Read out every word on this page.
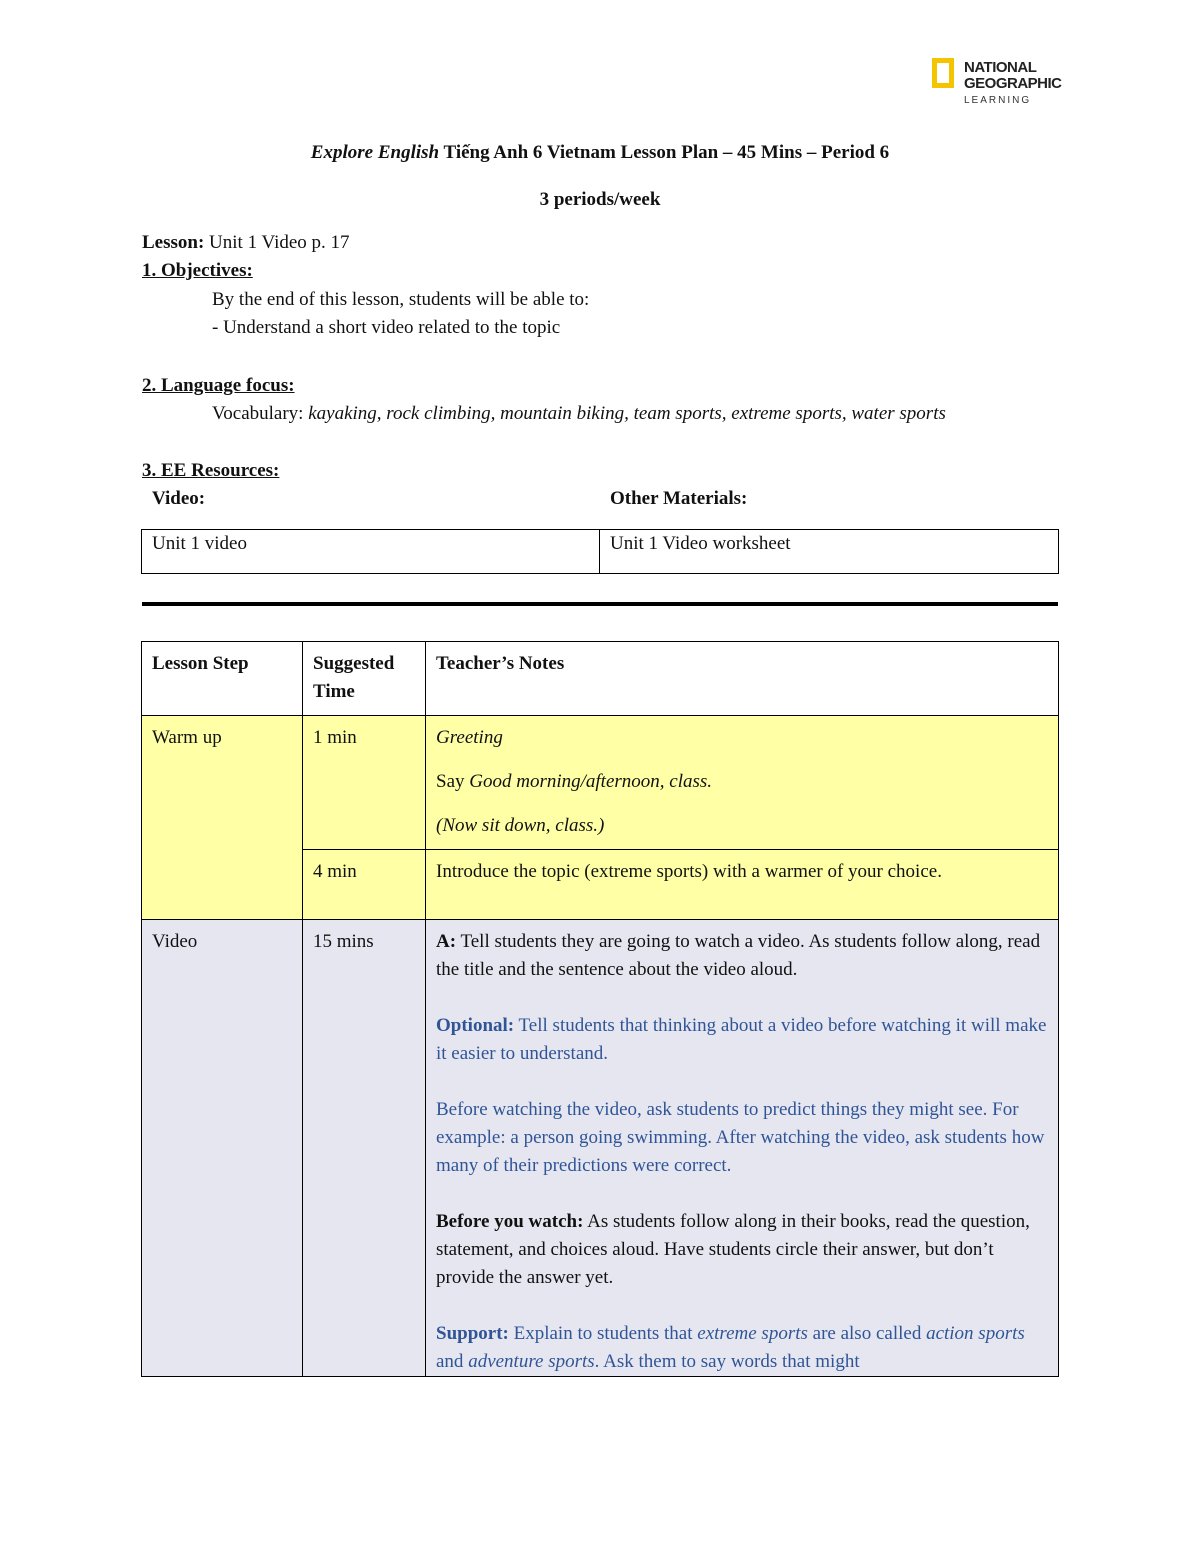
NATIONAL
GEOGRAPHIC
LEARNING
Explore English Tiếng Anh 6 Vietnam Lesson Plan – 45 Mins – Period 6
3 periods/week
Lesson: Unit 1 Video p. 17
1. Objectives:
By the end of this lesson, students will be able to:
- Understand a short video related to the topic
2. Language focus:
Vocabulary: kayaking, rock climbing, mountain biking, team sports, extreme sports, water sports
3. EE Resources:
Video:	Other Materials:
Unit 1 video	Unit 1 Video worksheet
Lesson Step	Suggested Time	Teacher’s Notes
Warm up	1 min	Greeting

Say Good morning/afternoon, class.

(Now sit down, class.)

	4 min	Introduce the topic (extreme sports) with a warmer of your choice.
Video	15 mins	A: Tell students they are going to watch a video. As students follow along, read the title and the sentence about the video aloud.

Optional: Tell students that thinking about a video before watching it will make it easier to understand.

Before watching the video, ask students to predict things they might see. For example: a person going swimming. After watching the video, ask students how many of their predictions were correct.

Before you watch: As students follow along in their books, read the question, statement, and choices aloud. Have students circle their answer, but don’t provide the answer yet.

Support: Explain to students that extreme sports are also called action sports and adventure sports. Ask them to say words that might
